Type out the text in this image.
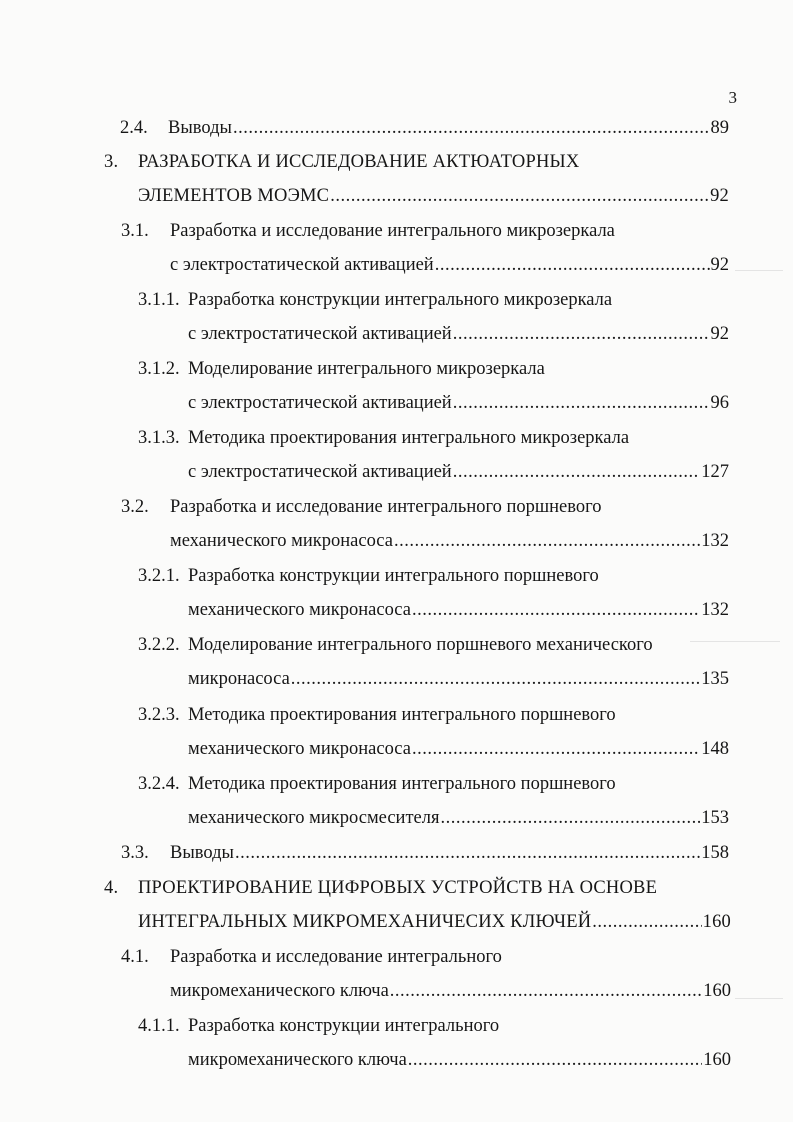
3
2.4. Выводы .....	89
3. РАЗРАБОТКА И ИССЛЕДОВАНИЕ АКТЮАТОРНЫХ
ЭЛЕМЕНТОВ МОЭМС .....	92
3.1. Разработка и исследование интегрального микрозеркала
с электростатической активацией .....	92
3.1.1. Разработка конструкции интегрального микрозеркала
с электростатической активацией .....	92
3.1.2. Моделирование интегрального микрозеркала
с электростатической активацией .....	96
3.1.3. Методика проектирования интегрального микрозеркала
с электростатической активацией .....	127
3.2. Разработка и исследование интегрального поршневого
механического микронасоса .....	132
3.2.1. Разработка конструкции интегрального поршневого
механического микронасоса .....	132
3.2.2. Моделирование интегрального поршневого механического
микронасоса .....	135
3.2.3. Методика проектирования интегрального поршневого
механического микронасоса .....	148
3.2.4. Методика проектирования интегрального поршневого
механического микросмесителя .....	153
3.3. Выводы .....	158
4. ПРОЕКТИРОВАНИЕ ЦИФРОВЫХ УСТРОЙСТВ НА ОСНОВЕ
ИНТЕГРАЛЬНЫХ МИКРОМЕХАНИЧЕСИХ КЛЮЧЕЙ .....	160
4.1. Разработка и исследование интегрального
микромеханического ключа .....	160
4.1.1. Разработка конструкции интегрального
микромеханического ключа .....	160
